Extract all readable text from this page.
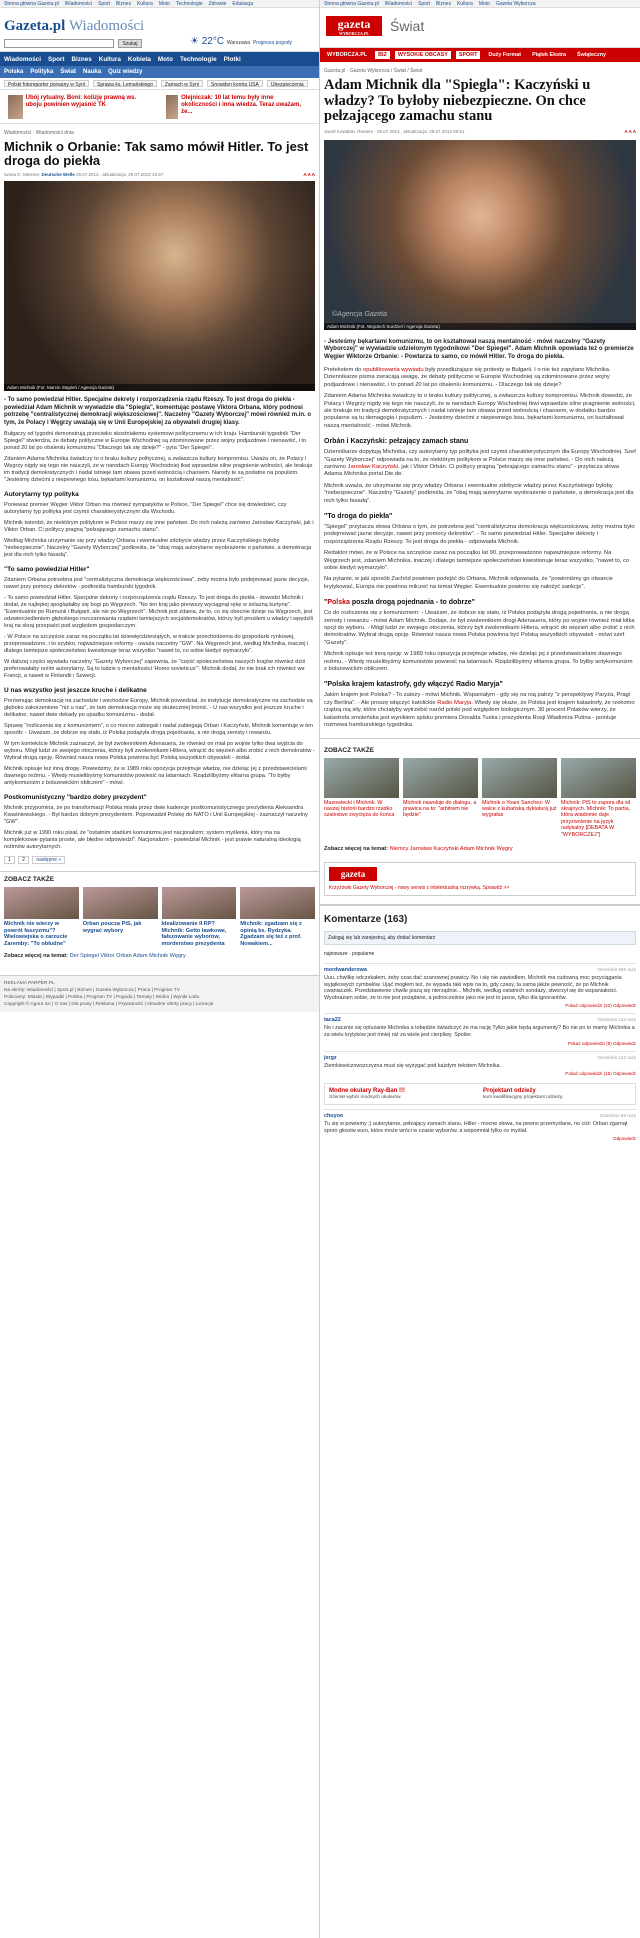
Strona główna Gazeta.pl Wiadomości Sport Biznes Kultura Moto Technologie Zdrowie Edukacja
Gazeta.pl Wiadomości
Szukaj	☀ 22°C Warszawa Prognoza pogody
Wiadomości Sport Biznes Kultura Kobieta Moto Technologie Plotki
Polska Polityka Świat Nauka Quiz wiedzy
Polski fotoreporter porwany w Syrii	Sprawa ks. Lemańskiego	Zamach w Syrii	Snowden kontra USA	Ubezpieczenia
Ubój rytualny. Boni: kolizję prawną ws. uboju powinien wyjaśnić TK
Olejniczak: 10 lat temu były inne okoliczności i inna wiedza. Teraz uważam, że...
Wiadomości · Wiadomości dnia
Michnik o Orbanie: Tak samo mówił Hitler. To jest droga do piekła
Iwona D. Metzner, Deutsche Welle 29.07.2013 , aktualizacja: 29.07.2013 16:57	A A A
Adam Michnik (Fot. Marcin Stępień / Agencja Gazeta)
- To samo powiedział Hitler. Specjalne dekrety i rozporządzenia rządu Rzeszy. To jest droga do piekła - powiedział Adam Michnik w wywiadzie dla "Spiegla", komentując postawę Viktora Orbana, który podnosi potrzebę "centralistycznej demokracji większościowej". Naczelny "Gazety Wyborczej" mówi również m.in. o tym, że Polacy i Węgrzy uważają się w Unii Europejskiej za obywateli drugiej klasy.
Bułgarzy od tygodni demonstrują przeciwko skostniałemu systemowi politycznemu w ich kraju. Hamburski tygodnik "Der Spiegel" stwierdza, że debaty polityczne w Europie Wschodniej są zdominowane przez wojny podjazdowe i nienawiść, i to ponad 20 lat po obaleniu komunizmu "Dlaczego tak się dzieje?" - pyta "Der Spiegel".
Zdaniem Adama Michnika świadczy to o braku kultury politycznej, a zwłaszcza kultury kompromisu. Uważa on, że Polacy i Węgrzy nigdy się tego nie nauczyli, że w narodach Europy Wschodniej tkwi wprawdzie silne pragnienie wolności, ale brakuje im tradycji demokratycznych i nadal istnieje tam obawa przed wolnością i chaosem. Narody te są podatne na populizm. "Jesteśmy dziećmi z niepewnego losu, bękartami komunizmu, on kształtował naszą mentalność".
Autorytarny typ polityka
Ponieważ premier Węgier Viktor Orban ma również sympatyków w Polsce, "Der Spiegel" chce się dowiedzieć, czy autorytarny typ polityka jest czymś charakterystycznym dla Wschodu.
Michnik twierdzi, że niektórym politykom w Polsce marzy się inne państwo. Do nich należą zarówno Jarosław Kaczyński, jak i Viktor Orban. Ci politycy pragną "pełzającego zamachu stanu".
Według Michnika utrzymanie się przy władzy Orbana i ewentualne zdobycie władzy przez Kaczyńskiego byłoby "niebezpieczne". Naczelny "Gazety Wyborczej" podkreśla, że "obaj mają autorytarne wyobrażenie o państwie, a demokracja jest dla nich tylko fasadą".
"To samo powiedział Hitler"
Zdaniem Orbana potrzebna jest "centralistyczna demokracja większościowa", żeby można było podejmować jasne decyzje, nawet przy pomocy dekretów - podkreśla hamburski tygodnik.
- To samo powiedział Hitler. Specjalne dekrety i rozporządzenia rządu Rzeszy. To jest droga do piekła - dowodzi Michnik i dodał, że najlepiej spoglądałby się bogi po Węgrzech. "No ten kraj jako pierwszy wyciągnął rękę w żelazną kurtynę". "Ewentualnie po Rumunii i Bułgarii, ale nie po Węgrzech". Michnik jest zdania, że to, co się obecnie dzieje na Węgrzech, jest odzwierciedleniem głębokiego rozczarowania rządami tamtejszych socjaldemokratów, którzy byli prosiłem u władzy i wpędzili kraj na skraj przepaści pod względem gospodarczym.
- W Polsce na szczęście zaraz na początku lat dziewięćdziesiątych, w trakcie przechodzenia do gospodarki rynkowej, przeprowadzono, i to szybko, najważniejsze reformy - uważa naczelny "GW". Na Węgrzech jest, według Michnika, inaczej i dlatego tamtejsze społeczeństwo kwestionuje teraz wszystko "nawet to, co sobie kiedyś wymarzyło".
W dalszej części wywiadu naczelny "Gazety Wyborczej" zapewnia, że "część społeczeństwa naszych krajów również dziś preferowałaby reżim autorytarny. Są to ludzie o mentalności 'Homo sovieticus'". Michnik dodał, że nie brak ich również we Francji, a nawet w Finlandii i Szwecji.
U nas wszystko jest jeszcze kruche i delikatne
Porównując demokrację na zachodzie i wschodzie Europy, Michnik powiedział, że instytucje demokratyczne na zachodzie są głęboko zakorzenione "niż u nas", że tam demokracja może się skuteczniej bronić. - U nas wszystko jest jeszcze kruche i delikatne, nawet dwie dekady po upadku komunizmu - dodał.
Sprawę "rozliczenia się z komunizmem", o co mocno zabiegali i nadal zabiegają Orban i Kaczyński, Michnik komentuje w ten sposób: - Uważam, że dobrze się stało, iż Polska podążyła drogą pojednania, a nie drogą zemsty i rewanżu.
W tym kontekście Michnik zaznaczył, że był zwolennikiem Adenauera, że również on miał po wojnie tylko dwa wyjścia do wyboru. Mógł ludzi ze swojego otoczenia, którzy byli zwolennikami Hitlera, wtrącić do więzień albo zrobić z nich demokratów - Wybrał drugą opcję. Również nasza nowa Polska powinna być Polską wszystkich obywateli - dodał.
Michnik opisuje też inną drogę. Powiedzmy, że w 1989 roku opozycja przejmuje władzę, nie dzieląc jej z przedstawicielami dawnego reżimu. - Wtedy musielibyśmy komunistów powiesić na latarniach. Rządzilibyśmy elitarna grupa. "To byłby antykomunizm z bolszewickim obliczem" - mówi.
Postkomunistyczny "bardzo dobry prezydent"
Michnik przypomina, że po transformacji Polska miała przez dwie kadencje postkomunistycznego prezydenta Aleksandra Kwaśniewskiego. - Był bardzo dobrym prezydentem. Poprowadził Polskę do NATO i Unii Europejskiej - zaznaczył naczelny "GW".
Michnik już w 1990 roku pisał, że "ostatnim stadium komunizmu jest nacjonalizm; system myślenia, który ma na kompleksowe pytania proste, ale błędne odpowiedzi". Nacjonalizm - powiedział Michnik - jest prawie naturalną ideologią reżimów autorytarnych.
1 2 następne »
ZOBACZ TAKŻE
Michnik nie wierzy w powrót faszyzmu"? Wielowiejska o zarzucie Zaremby: "To obłudne"
Orban poucza PiS, jak wygrać wybory
Idealizowanie II RP? Michnik: Getto ławkowe, fałszowanie wyborów, morderstwo prezydenta
Michnik: zgadzam się z opinią ks. Rydzyka. Zgadzam się też z prof. Nowakiem...
Zobacz więcej na temat: Der Spiegel Viktor Orban Adam Michnik Węgry
REKLAMA PARPER.PL
Na skróty: Wiadomości | Sport.pl | Biznes | Gazeta Wyborcza | Praca | Program TV
Polecamy: Miasta | Wypadki | Polska | Program TV | Pogoda | Tematy | Wideo | Wyniki Lotto
Copyright © Agora SA | O nas | Dla prasy | Reklama | Prywatność | Aktualne oferty pracy | Licencje
Strona główna Gazeta.pl Wiadomości Sport Biznes Kultura Moto Gazeta Wyborcza
gazeta
WYBORCZA.PL	Świat
WYBORCZA.PL	BIZ	WYSOKIE OBCASY	SPORT	Duży Format	Piątek Ekstra	Świąteczny
Gazeta.pl · Gazeta Wyborcza / Świat / Świat
Adam Michnik dla "Spiegla": Kaczyński u władzy? To byłoby niebezpieczne. On chce pełzającego zamachu stanu
Jacek Kowalski, Reuters · 29.07.2013 , aktualizacja: 29.07.2013 09:51	A A A
©Agencja Gazeta
Adam Michnik (Fot. Wojciech Surdziel / Agencja Gazeta)
- Jesteśmy bękartami komunizmu, to on kształtował naszą mentalność - mówi naczelny "Gazety Wyborczej" w wywiadzie udzielonym tygodnikowi "Der Spiegel". Adam Michnik opowiada też o premierze Węgier Wiktorze Orbanie: - Powtarza to samo, co mówił Hitler. To droga do piekła.
Pretekstem do opublikowania wywiadu były przedłużające się protesty w Bułgarii. I o nie też zapytano Michnika. Dziennikarze pisma zwracają uwagę, że debaty polityczne w Europie Wschodniej są zdominowane przez wojny podjazdowe i nienawiść, i to ponad 20 lat po obaleniu komunizmu. - Dlaczego tak się dzieje?
Zdaniem Adama Michnika świadczy to o braku kultury politycznej, a zwłaszcza kultury kompromisu. Michnik dowodzi, że Polacy i Węgrzy nigdy się tego nie nauczyli, że w narodach Europy Wschodniej tkwi wprawdzie silne pragnienie wolności, ale brakuje im tradycji demokratycznych i nadal istnieje tam obawa przed wolnością i chaosem, w dodatku bardzo popularne są tu demagogia i populizm. - Jesteśmy dziećmi z niepewnego losu, bękartami komunizmu, on kształtował naszą mentalność - mówi Michnik.
Orbán i Kaczyński: pełzający zamach stanu
Dziennikarze dopytują Michnika, czy autorytarny typ polityka jest czymś charakterystycznym dla Europy Wschodniej. Szef "Gazety Wyborczej" odpowiada na to, że niektórym politykom w Polsce marzy się inne państwo. - Do nich należą zarówno Jarosław Kaczyński, jak i Viktor Orbán. Ci politycy pragną "pełzającego zamachu stanu" - przytacza słowa Adama Michnika portal Die.de.
Michnik uważa, że utrzymanie się przy władzy Orbana i ewentualne zdobycie władzy przez Kaczyńskiego byłoby "niebezpieczne". Naczelny "Gazety" podkreśla, że "obaj mają autorytarne wyobrażenie o państwie, a demokracja jest dla nich tylko fasadą".
"To droga do piekła"
"Spiegel" przytacza słowa Orbána o tym, że potrzebna jest "centralistyczna demokracja większościowa, żeby można było podejmować jasne decyzje, nawet przy pomocy dekretów". - To samo powiedział Hitler. Specjalne dekrety i rozporządzenia Rządu Rzeszy. To jest droga do piekła - odpowiada Michnik.
Redaktor mówi, że w Polsce na szczęście zaraz na początku lat 90. przeprowadzono najważniejsze reformy. Na Węgrzech jest, zdaniem Michnika, inaczej i dlatego tamtejsze społeczeństwo kwestionuje teraz wszystko, "nawet to, co sobie kiedyś wymarzyło".
Na pytanie, w jaki sposób Zachód powinien podejść do Orbana, Michnik odpowiada, że "powinniśmy go otwarcie krytykować, Europa nie powinna milczeć na temat Węgier. Ewentualnie powinno się nałożyć sankcje".
"Polska poszła drogą pojednania - to dobrze"
Co do rozliczenia się z komunizmem: - Uważam, że dobrze się stało, iż Polska podążyła drogą pojednania, a nie drogą zemsty i rewanżu - mówi Adam Michnik. Dodaje, że był zwolennikiem drogi Adenauera, który po wojnie również miał kilka opcji do wyboru. - Mógł ludzi ze swojego otoczenia, którzy byli zwolennikami Hitlera, wtrącić do więzień albo zrobić z nich demokratów. Wybrał drugą opcję. Również nasza nowa Polska powinna być Polską wszystkich obywateli - mówi szef "Gazety".
Michnik opisuje też inną opcję: w 1989 roku opozycja przejmuje władzę, nie dzieląc jej z przedstawicielami dawnego reżimu. - Wtedy musielibyśmy komunistów powiesić na latarniach. Rządzilibyśmy elitarna grupa. To byłby antykomunizm z bolszewickim obliczem.
"Polska krajem katastrofy, gdy włączyć Radio Maryja"
Jakim krajem jest Polska? - To zależy - mówi Michnik. Wspaniałym - gdy się na nią patrzy "z perspektywy Paryża, Pragi czy Berlina". - Ale proszę włączyć katolickie Radio Maryja. Wtedy się okaże, że Polska jest krajem katastrofy, że rzekomo rządzą nią siły, które chciałyby wytrzebić naród polski pod względem biologicznym. 30 procent Polaków wierzy, że katastrofa smoleńska jest wynikiem spisku premiera Donalda Tuska i prezydenta Rosji Władimira Putina - pointuje rozmowa hamburskiego tygodnika.
ZOBACZ TAKŻE
Mazowiecki i Michnik. W naszej historii bardzo rzadko szalestwo zwycięża do końca
Michnik nawołuje do dialogu, a prawica na to: "arbitrem nie będzie"
Michnik o Yoani Sanchez: W walce z kubańską dyktaturą już wygrałas
Michnik: PiS to zapora dla sił skrajnych. Michnik: To partia, która wiadomie daje przyzwolenie na język radykalny [DEBATA W "WYBORCZEJ"]
Zobacz więcej na temat: Niemcy Jarosław Kaczyński Adam Michnik Węgry
gazeta
Krzyżówki Gazety Wyborczej - nowy serwis z intelektualną rozrywką. Sprawdź >>
Komentarze (163)
Zaloguj się lub zarejestruj, aby dodać komentarz
najnowsze · popularne
mordwanderowa	Oceniono 266 razy
Uuu, chwilkę odczekałem, żeby czas dać szanownej prawicy. No i się nie zawiodłem. Michnik ma cudowną moc przyciągania wyjątkowych cymbałów. Ująć mogłem też, że wypada taki wpis na to, gdy czasy, ta sama jakże pewność, że po Michnik cwaniaczek. Przedstawienie chwile piszą się nierządnie... Michnik, według ostatnich sondaży, stworzył się do wspaniałości. Wyobrażam sobie, że to nie jest pożądane, a jednocześnie jako nie jest to jasne, tylko dla ignorantów.
Pokaż odpowiedzi (22) Odpowiedz
taca22	Oceniono 134 razy
No i zacznie się oplużanie Michnika a tobędzie świadczyć że ma rację.Tylko jakie będą argumenty? Bo nie po to mamy Michnika a za wielu krytyków jest mniej niż za wiele jest cierpliwy. Spoiler.
Pokaż odpowiedzi (9) Odpowiedz
jergz	Oceniono 122 razy
Ziemkiewiczowszczyzna musi się wyżygać pod każdym tekstem Michnika.
Pokaż odpowiedzi (15) Odpowiedz
Modne okulary Ray-Ban !!!
Szeroki wybór modnych okularów.
Projektant odzieży
kurs kwalifikacyjny projektant odzieży.
chuyoo	Oceniono 86 razy
Tu się w powiemy ;) autorytarne, pełzający zamach stanu, Hitler - mocne słowa, na pewno przemyślane, no cóż: Orban zgarnął sporo głosów euro, które może wróci w czasie wyborów, a wspomniał tylko co myślał.
Odpowiedz
